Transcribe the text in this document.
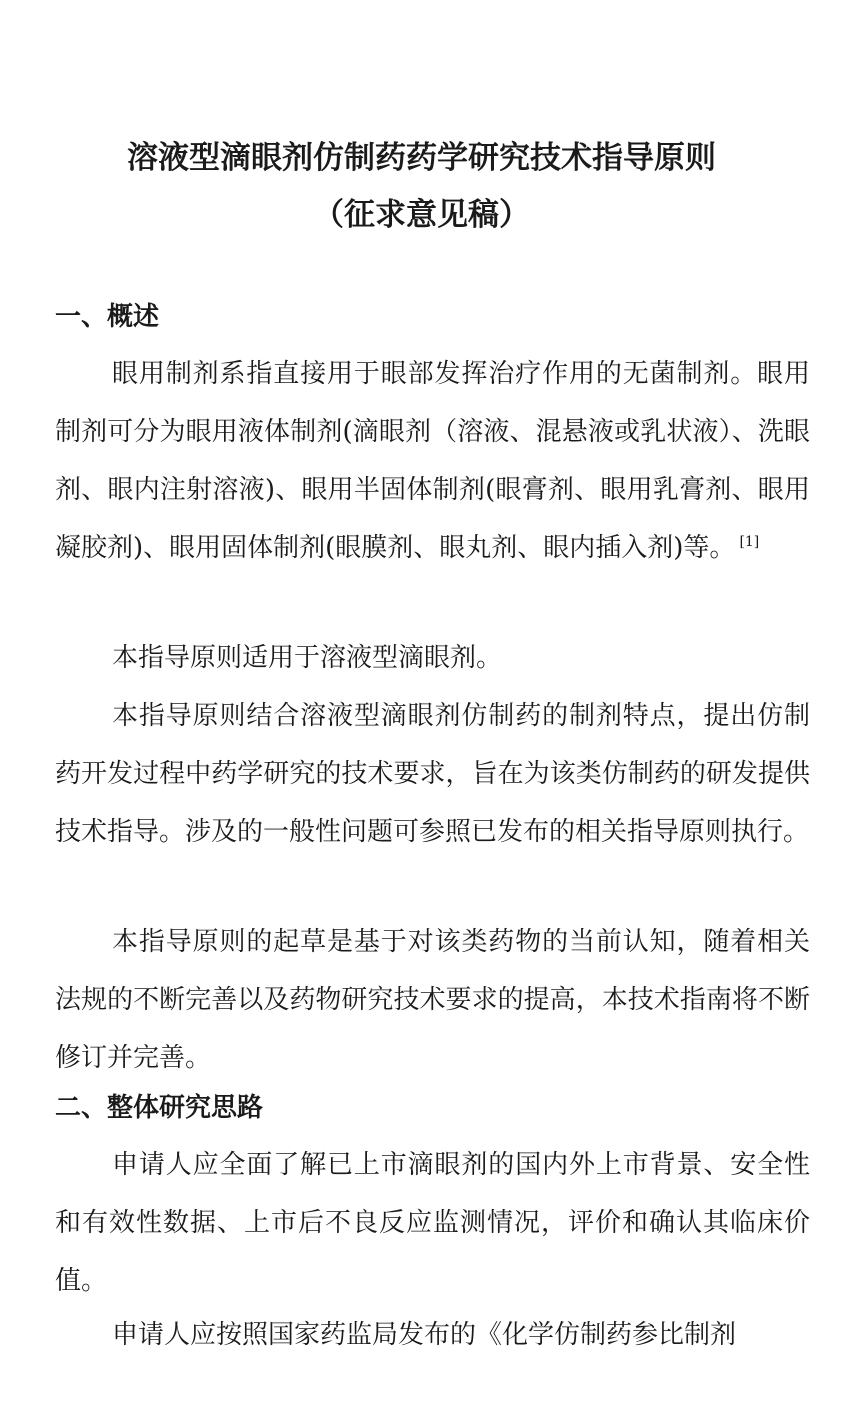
溶液型滴眼剂仿制药药学研究技术指导原则
（征求意见稿）
一、概述

眼用制剂系指直接用于眼部发挥治疗作用的无菌制剂。眼用制剂可分为眼用液体制剂(滴眼剂（溶液、混悬液或乳状液）、洗眼剂、眼内注射溶液)、眼用半固体制剂(眼膏剂、眼用乳膏剂、眼用凝胶剂)、眼用固体制剂(眼膜剂、眼丸剂、眼内插入剂)等。 [1]

本指导原则适用于溶液型滴眼剂。

本指导原则结合溶液型滴眼剂仿制药的制剂特点，提出仿制药开发过程中药学研究的技术要求，旨在为该类仿制药的研发提供技术指导。涉及的一般性问题可参照已发布的相关指导原则执行。

本指导原则的起草是基于对该类药物的当前认知，随着相关法规的不断完善以及药物研究技术要求的提高，本技术指南将不断修订并完善。

二、整体研究思路

申请人应全面了解已上市滴眼剂的国内外上市背景、安全性和有效性数据、上市后不良反应监测情况，评价和确认其临床价值。

申请人应按照国家药监局发布的《化学仿制药参比制剂
